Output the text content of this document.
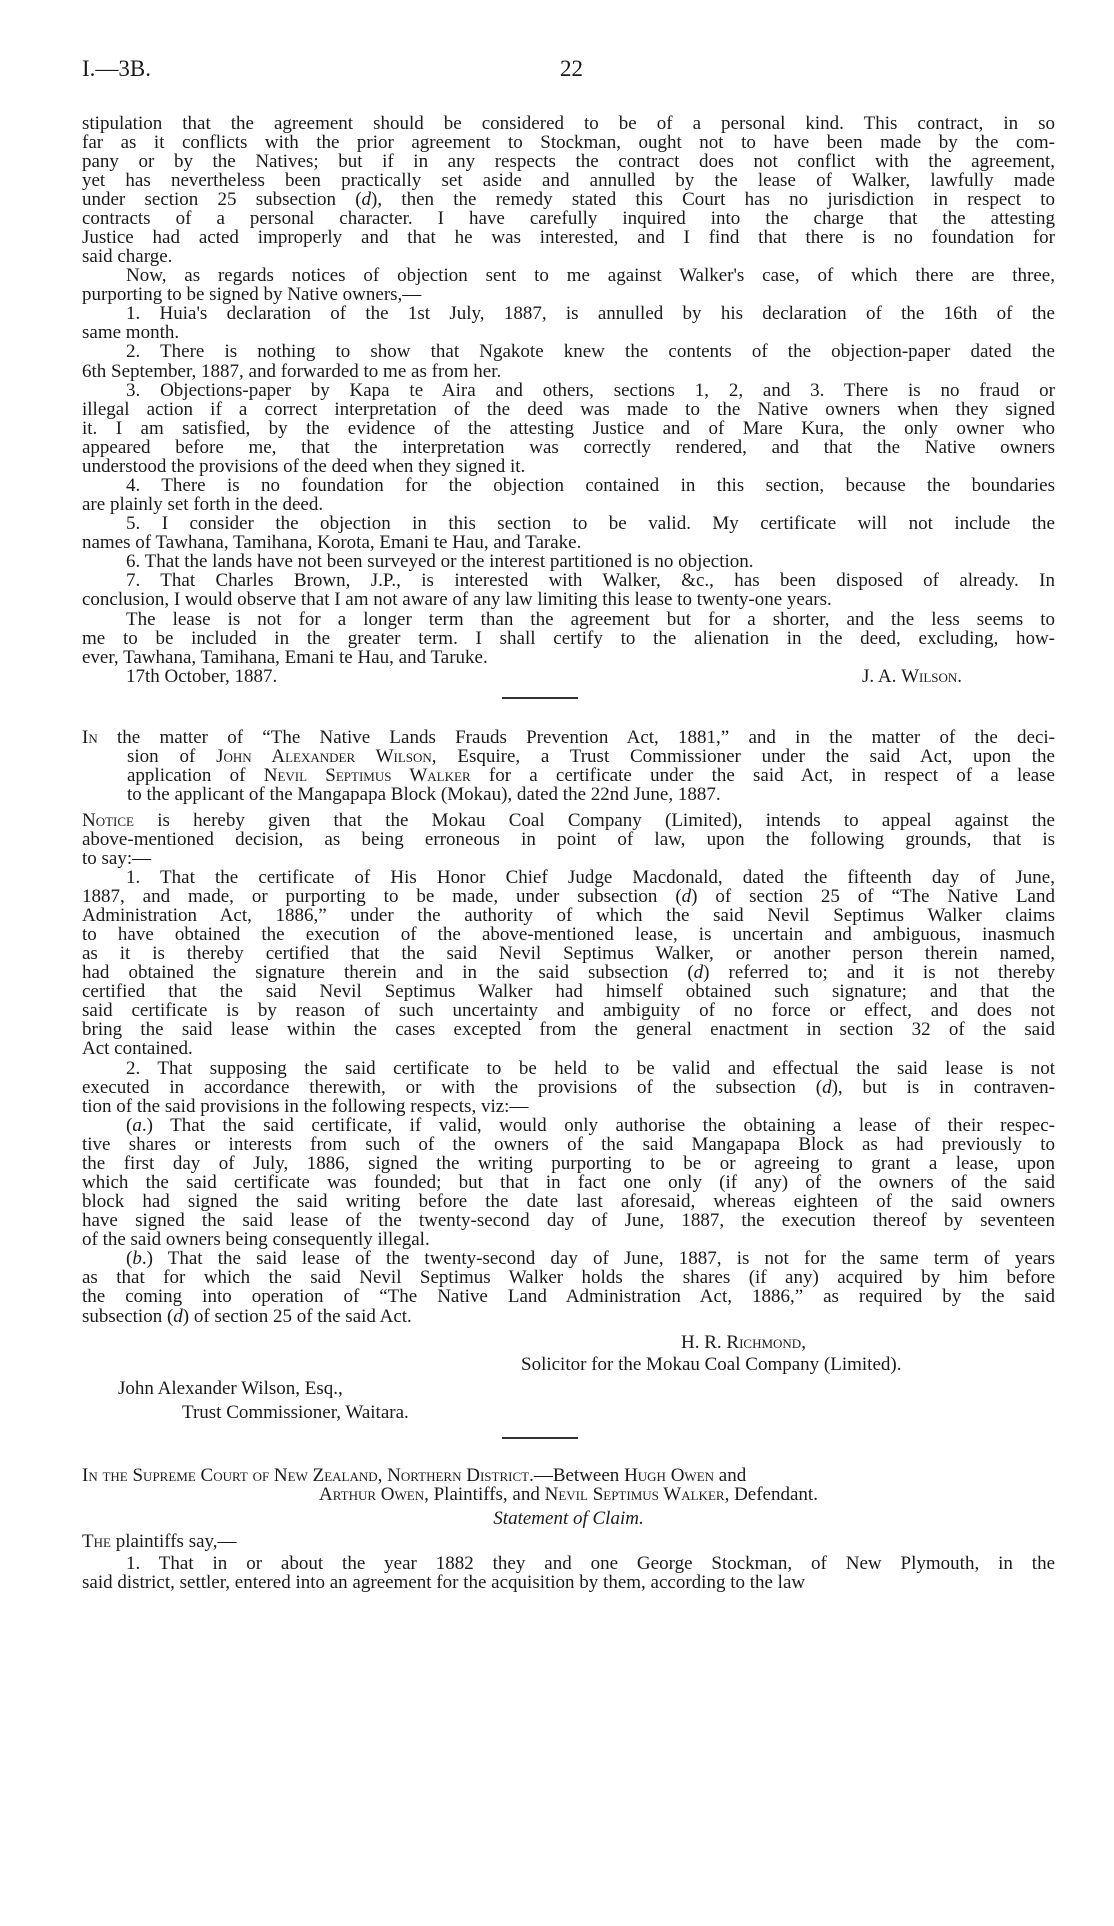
I.—3B.	22
stipulation that the agreement should be considered to be of a personal kind. This contract, in so
far as it conflicts with the prior agreement to Stockman, ought not to have been made by the com-
pany or by the Natives; but if in any respects the contract does not conflict with the agreement,
yet has nevertheless been practically set aside and annulled by the lease of Walker, lawfully made
under section 25 subsection (d), then the remedy stated this Court has no jurisdiction in respect to
contracts of a personal character. I have carefully inquired into the charge that the attesting
Justice had acted improperly and that he was interested, and I find that there is no foundation for
said charge.
Now, as regards notices of objection sent to me against Walker's case, of which there are three,
purporting to be signed by Native owners,—
1. Huia's declaration of the 1st July, 1887, is annulled by his declaration of the 16th of the
same month.
2. There is nothing to show that Ngakote knew the contents of the objection-paper dated the
6th September, 1887, and forwarded to me as from her.
3. Objections-paper by Kapa te Aira and others, sections 1, 2, and 3. There is no fraud or
illegal action if a correct interpretation of the deed was made to the Native owners when they signed
it. I am satisfied, by the evidence of the attesting Justice and of Mare Kura, the only owner who
appeared before me, that the interpretation was correctly rendered, and that the Native owners
understood the provisions of the deed when they signed it.
4. There is no foundation for the objection contained in this section, because the boundaries
are plainly set forth in the deed.
5. I consider the objection in this section to be valid. My certificate will not include the
names of Tawhana, Tamihana, Korota, Emani te Hau, and Tarake.
6. That the lands have not been surveyed or the interest partitioned is no objection.
7. That Charles Brown, J.P., is interested with Walker, &c., has been disposed of already. In
conclusion, I would observe that I am not aware of any law limiting this lease to twenty-one years.
The lease is not for a longer term than the agreement but for a shorter, and the less seems to
me to be included in the greater term. I shall certify to the alienation in the deed, excluding, how-
ever, Tawhana, Tamihana, Emani te Hau, and Taruke.
17th October, 1887.	J. A. Wilson.
In the matter of “The Native Lands Frauds Prevention Act, 1881,” and in the matter of the deci-
sion of John Alexander Wilson, Esquire, a Trust Commissioner under the said Act, upon the
application of Nevil Septimus Walker for a certificate under the said Act, in respect of a lease
to the applicant of the Mangapapa Block (Mokau), dated the 22nd June, 1887.
Notice is hereby given that the Mokau Coal Company (Limited), intends to appeal against the
above-mentioned decision, as being erroneous in point of law, upon the following grounds, that is
to say:—
1. That the certificate of His Honor Chief Judge Macdonald, dated the fifteenth day of June,
1887, and made, or purporting to be made, under subsection (d) of section 25 of “The Native Land
Administration Act, 1886,” under the authority of which the said Nevil Septimus Walker claims
to have obtained the execution of the above-mentioned lease, is uncertain and ambiguous, inasmuch
as it is thereby certified that the said Nevil Septimus Walker, or another person therein named,
had obtained the signature therein and in the said subsection (d) referred to; and it is not thereby
certified that the said Nevil Septimus Walker had himself obtained such signature; and that the
said certificate is by reason of such uncertainty and ambiguity of no force or effect, and does not
bring the said lease within the cases excepted from the general enactment in section 32 of the said
Act contained.
2. That supposing the said certificate to be held to be valid and effectual the said lease is not
executed in accordance therewith, or with the provisions of the subsection (d), but is in contraven-
tion of the said provisions in the following respects, viz:—
(a.) That the said certificate, if valid, would only authorise the obtaining a lease of their respec-
tive shares or interests from such of the owners of the said Mangapapa Block as had previously to
the first day of July, 1886, signed the writing purporting to be or agreeing to grant a lease, upon
which the said certificate was founded; but that in fact one only (if any) of the owners of the said
block had signed the said writing before the date last aforesaid, whereas eighteen of the said owners
have signed the said lease of the twenty-second day of June, 1887, the execution thereof by seventeen
of the said owners being consequently illegal.
(b.) That the said lease of the twenty-second day of June, 1887, is not for the same term of years
as that for which the said Nevil Septimus Walker holds the shares (if any) acquired by him before
the coming into operation of “The Native Land Administration Act, 1886,” as required by the said
subsection (d) of section 25 of the said Act.
H. R. Richmond,
Solicitor for the Mokau Coal Company (Limited).
John Alexander Wilson, Esq.,
Trust Commissioner, Waitara.
In the Supreme Court of New Zealand, Northern District.—Between Hugh Owen and
Arthur Owen, Plaintiffs, and Nevil Septimus Walker, Defendant.
Statement of Claim.
The plaintiffs say,—
1. That in or about the year 1882 they and one George Stockman, of New Plymouth, in the
said district, settler, entered into an agreement for the acquisition by them, according to the law
